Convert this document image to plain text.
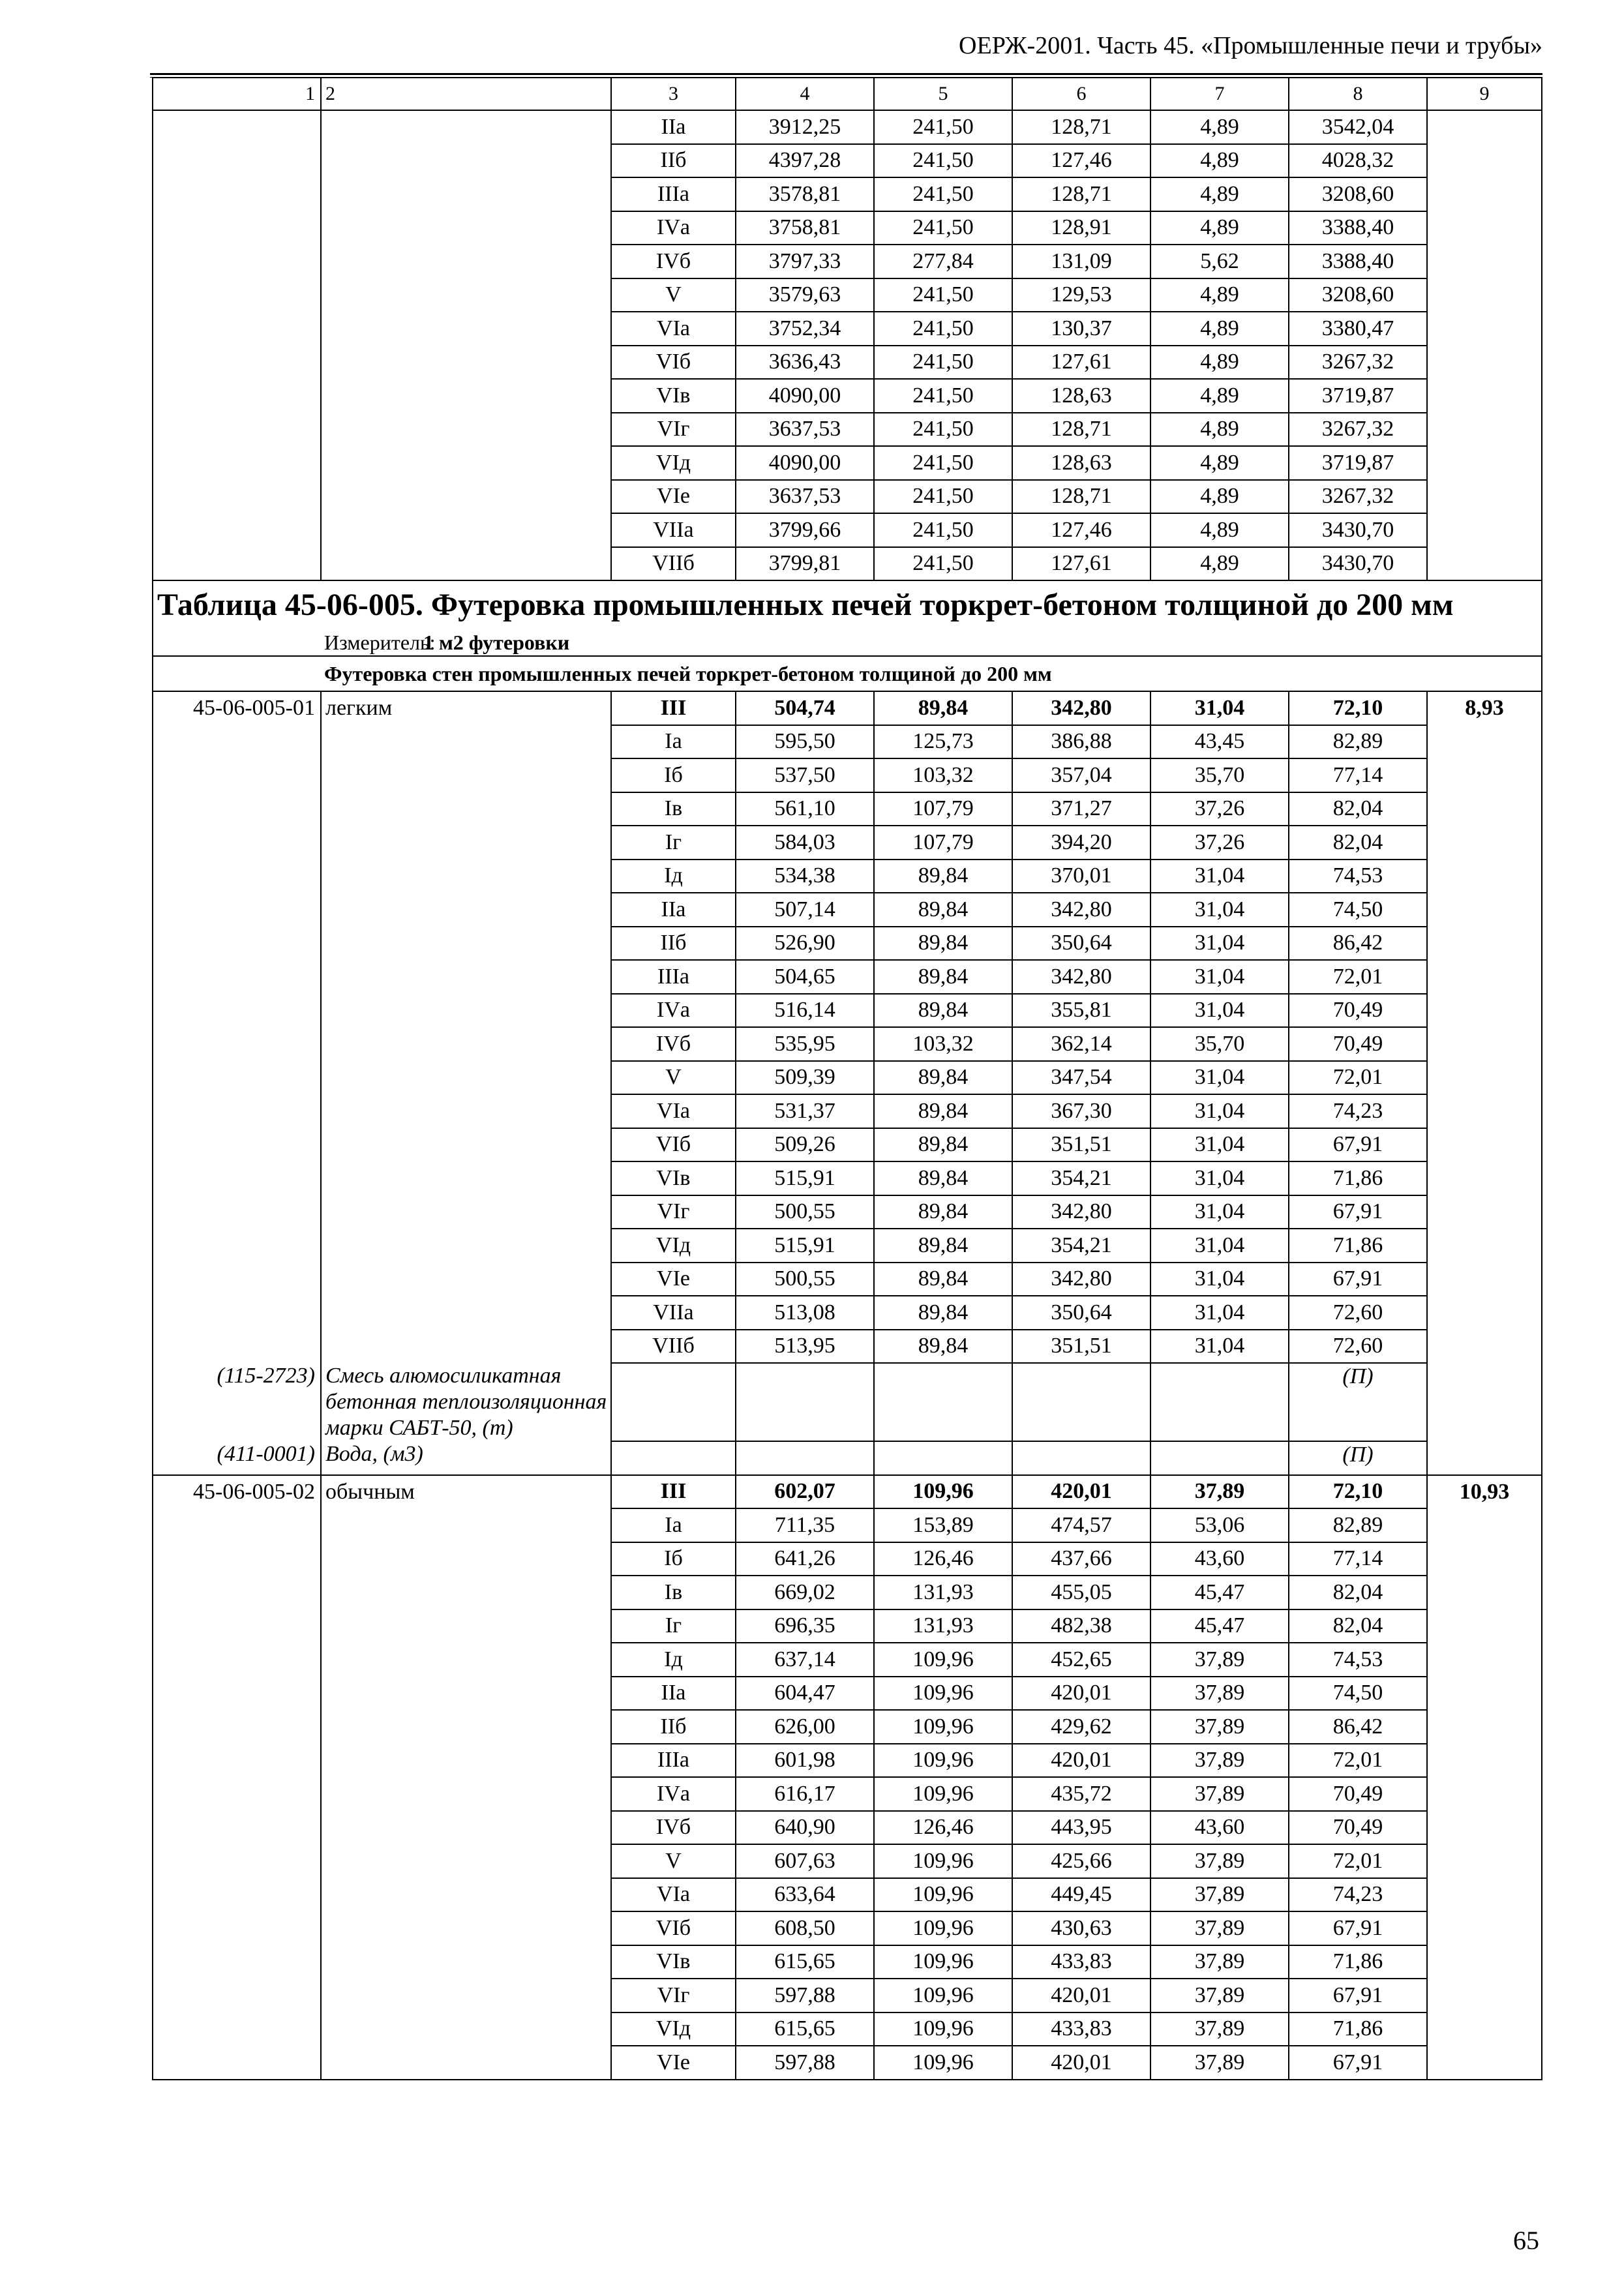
ОЕРЖ-2001. Часть 45. «Промышленные печи и трубы»
1	2	3	4	5	6	7	8	9
		IIа	3912,25	241,50	128,71	4,89	3542,04	
		IIб	4397,28	241,50	127,46	4,89	4028,32	
		IIIа	3578,81	241,50	128,71	4,89	3208,60	
		IVа	3758,81	241,50	128,91	4,89	3388,40	
		IVб	3797,33	277,84	131,09	5,62	3388,40	
		V	3579,63	241,50	129,53	4,89	3208,60	
		VIа	3752,34	241,50	130,37	4,89	3380,47	
		VIб	3636,43	241,50	127,61	4,89	3267,32	
		VIв	4090,00	241,50	128,63	4,89	3719,87	
		VIг	3637,53	241,50	128,71	4,89	3267,32	
		VIд	4090,00	241,50	128,63	4,89	3719,87	
		VIе	3637,53	241,50	128,71	4,89	3267,32	
		VIIа	3799,66	241,50	127,46	4,89	3430,70	
		VIIб	3799,81	241,50	127,61	4,89	3430,70	
Таблица 45-06-005. Футеровка промышленных печей торкрет-бетоном толщиной до 200 мм								
Измеритель:1 м2 футеровки								
Футеровка стен промышленных печей торкрет-бетоном толщиной до 200 мм								
45-06-005-01	легким	III	504,74	89,84	342,80	31,04	72,10	8,93
		Iа	595,50	125,73	386,88	43,45	82,89	
		Iб	537,50	103,32	357,04	35,70	77,14	
		Iв	561,10	107,79	371,27	37,26	82,04	
		Iг	584,03	107,79	394,20	37,26	82,04	
		Iд	534,38	89,84	370,01	31,04	74,53	
		IIа	507,14	89,84	342,80	31,04	74,50	
		IIб	526,90	89,84	350,64	31,04	86,42	
		IIIа	504,65	89,84	342,80	31,04	72,01	
		IVа	516,14	89,84	355,81	31,04	70,49	
		IVб	535,95	103,32	362,14	35,70	70,49	
		V	509,39	89,84	347,54	31,04	72,01	
		VIа	531,37	89,84	367,30	31,04	74,23	
		VIб	509,26	89,84	351,51	31,04	67,91	
		VIв	515,91	89,84	354,21	31,04	71,86	
		VIг	500,55	89,84	342,80	31,04	67,91	
		VIд	515,91	89,84	354,21	31,04	71,86	
		VIе	500,55	89,84	342,80	31,04	67,91	
		VIIа	513,08	89,84	350,64	31,04	72,60	
		VIIб	513,95	89,84	351,51	31,04	72,60	
(115-2723)	Смесь алюмосиликатная бетонная теплоизоляционная марки САБТ-50, (т)						(П)	
(411-0001)	Вода, (м3)						(П)	
45-06-005-02	обычным	III	602,07	109,96	420,01	37,89	72,10	10,93
		Iа	711,35	153,89	474,57	53,06	82,89	
		Iб	641,26	126,46	437,66	43,60	77,14	
		Iв	669,02	131,93	455,05	45,47	82,04	
		Iг	696,35	131,93	482,38	45,47	82,04	
		Iд	637,14	109,96	452,65	37,89	74,53	
		IIа	604,47	109,96	420,01	37,89	74,50	
		IIб	626,00	109,96	429,62	37,89	86,42	
		IIIа	601,98	109,96	420,01	37,89	72,01	
		IVа	616,17	109,96	435,72	37,89	70,49	
		IVб	640,90	126,46	443,95	43,60	70,49	
		V	607,63	109,96	425,66	37,89	72,01	
		VIа	633,64	109,96	449,45	37,89	74,23	
		VIб	608,50	109,96	430,63	37,89	67,91	
		VIв	615,65	109,96	433,83	37,89	71,86	
		VIг	597,88	109,96	420,01	37,89	67,91	
		VIд	615,65	109,96	433,83	37,89	71,86	
		VIе	597,88	109,96	420,01	37,89	67,91	
65
